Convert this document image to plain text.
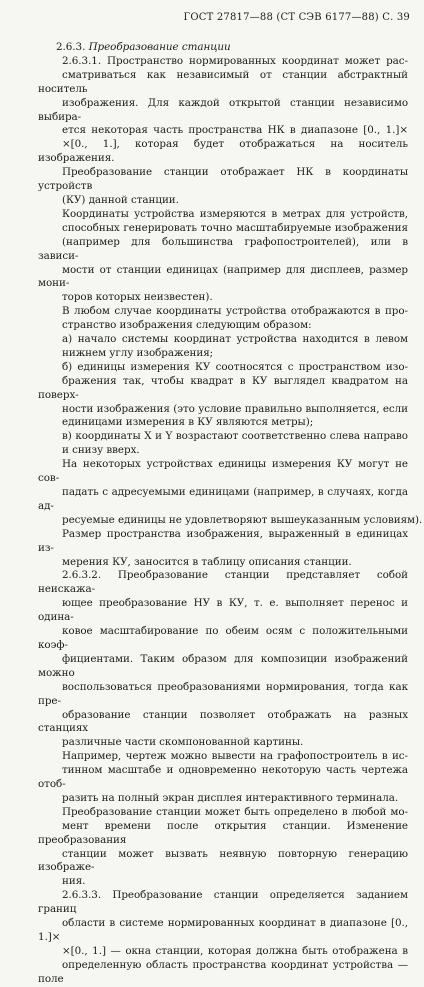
ГОСТ 27817—88 (СТ СЭВ 6177—88) С. 39

2.6.3. Преобразование станции

2.6.3.1. Пространство нормированных координат может рас-
сматриваться как независимый от станции абстрактный носитель
изображения. Для каждой открытой станции независимо выбира-
ется некоторая часть пространства НК в диапазоне [0., 1.]×
×[0., 1.], которая будет отображаться на носитель изображения.
Преобразование станции отображает НК в координаты устройств
(КУ) данной станции.

Координаты устройства измеряются в метрах для устройств,
способных генерировать точно масштабируемые изображения
(например для большинства графопостроителей), или в зависи-
мости от станции единицах (например для дисплеев, размер мони-
торов которых неизвестен).

В любом случае координаты устройства отображаются в про-
странство изображения следующим образом:

а) начало системы координат устройства находится в левом
нижнем углу изображения;

б) единицы измерения КУ соотносятся с пространством изо-
бражения так, чтобы квадрат в КУ выглядел квадратом на поверх-
ности изображения (это условие правильно выполняется, если
единицами измерения в КУ являются метры);

в) координаты X и Y возрастают соответственно слева направо
и снизу вверх.

На некоторых устройствах единицы измерения КУ могут не сов-
падать с адресуемыми единицами (например, в случаях, когда ад-
ресуемые единицы не удовлетворяют вышеуказанным условиям).

Размер пространства изображения, выраженный в единицах из-
мерения КУ, заносится в таблицу описания станции.

2.6.3.2. Преобразование станции представляет собой неискажа-
ющее преобразование НУ в КУ, т. е. выполняет перенос и одина-
ковое масштабирование по обеим осям с положительными коэф-
фициентами. Таким образом для композиции изображений можно
воспользоваться преобразованиями нормирования, тогда как пре-
образование станции позволяет отображать на разных станциях
различные части скомпонованной картины.

Например, чертеж можно вывести на графопостроитель в ис-
тинном масштабе и одновременно некоторую часть чертежа отоб-
разить на полный экран дисплея интерактивного терминала.

Преобразование станции может быть определено в любой мо-
мент времени после открытия станции. Изменение преобразования
станции может вызвать неявную повторную генерацию изображе-
ния.

2.6.3.3. Преобразование станции определяется заданием границ
области в системе нормированных координат в диапазоне [0., 1.]×
×[0., 1.] — окна станции, которая должна быть отображена в
определенную область пространства координат устройства — поле
